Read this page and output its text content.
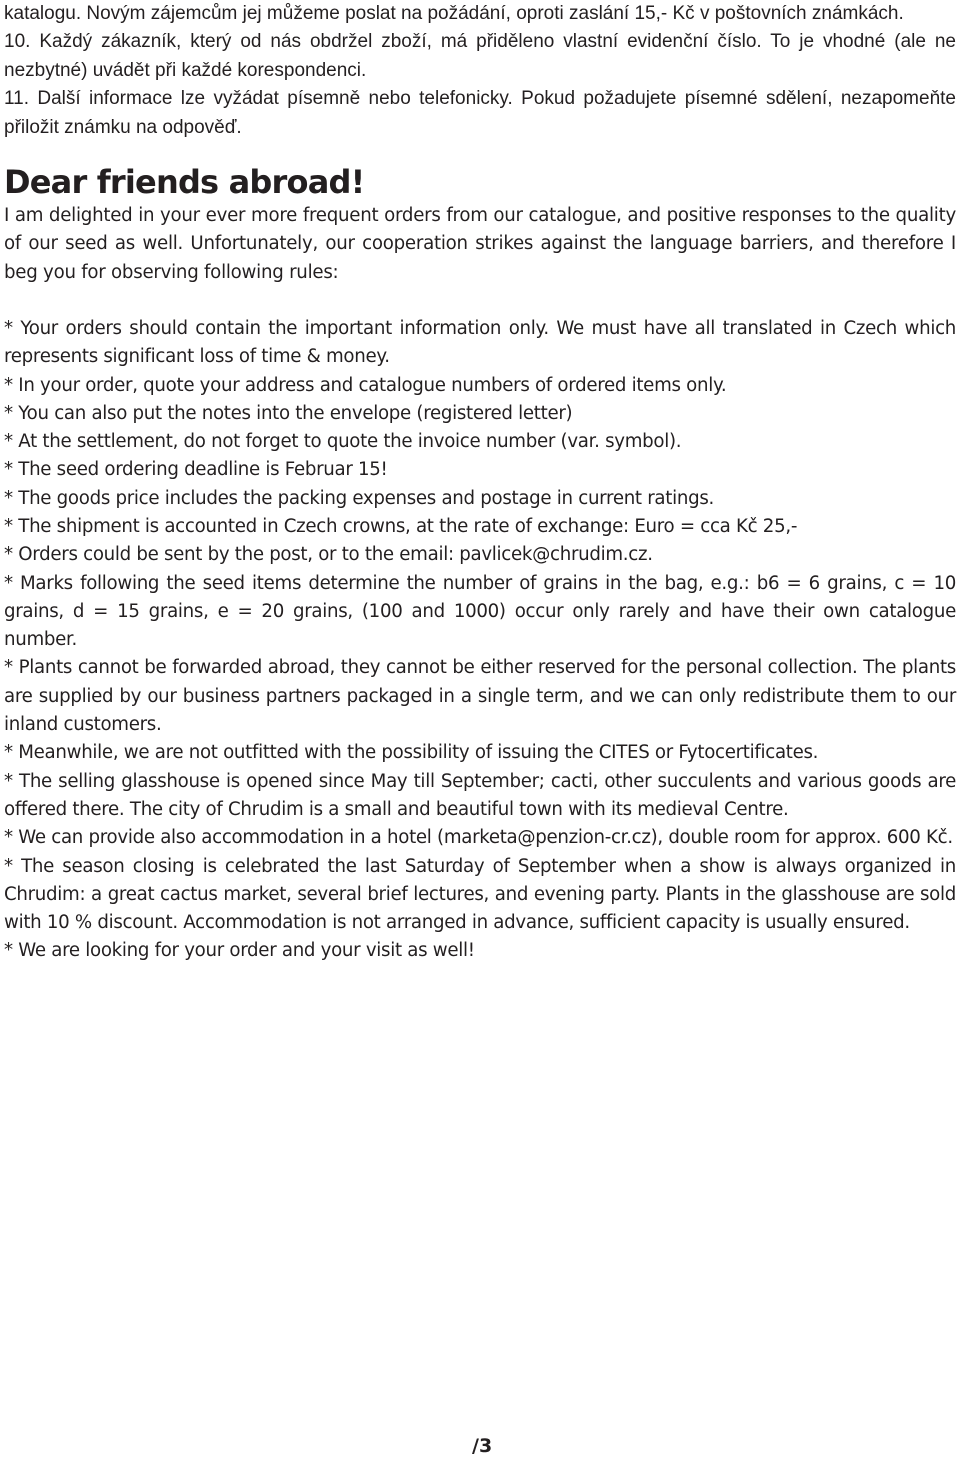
katalogu. Novým zájemcům jej můžeme poslat na požádání, oproti zaslání 15,- Kč v poštovních známkách.

10. Každý zákazník, který od nás obdržel zboží, má přiděleno vlastní evidenční číslo. To je vhodné (ale ne nezbytné) uvádět při každé korespondenci.

11. Další informace lze vyžádat písemně nebo telefonicky. Pokud požadujete písemné sdělení, nezapomeňte přiložit známku na odpověď.

Dear friends abroad!

I am delighted in your ever more frequent orders from our catalogue, and positive responses to the quality of our seed as well. Unfortunately, our cooperation strikes against the language barriers, and therefore I beg you for observing following rules:

* Your orders should contain the important information only. We must have all translated in Czech which represents significant loss of time & money.
* In your order, quote your address and catalogue numbers of ordered items only.
* You can also put the notes into the envelope (registered letter)
* At the settlement, do not forget to quote the invoice number (var. symbol).
* The seed ordering deadline is Februar 15!
* The goods price includes the packing expenses and postage in current ratings.
* The shipment is accounted in Czech crowns, at the rate of exchange: Euro = cca Kč 25,-
* Orders could be sent by the post, or to the email: pavlicek@chrudim.cz.
* Marks following the seed items determine the number of grains in the bag, e.g.: b6 = 6 grains, c = 10 grains, d = 15 grains, e = 20 grains, (100 and 1000) occur only rarely and have their own catalogue number.
* Plants cannot be forwarded abroad, they cannot be either reserved for the personal collection. The plants are supplied by our business partners packaged in a single term, and we can only redistribute them to our inland customers.
* Meanwhile, we are not outfitted with the possibility of issuing the CITES or Fytocertificates.
* The selling glasshouse is opened since May till September; cacti, other succulents and various goods are offered there. The city of Chrudim is a small and beautiful town with its medieval Centre.
* We can provide also accommodation in a hotel (marketa@penzion-cr.cz), double room for approx. 600 Kč.
* The season closing is celebrated the last Saturday of September when a show is always organized in Chrudim: a great cactus market, several brief lectures, and evening party. Plants in the glasshouse are sold with 10 % discount. Accommodation is not arranged in advance, sufficient capacity is usually ensured.
* We are looking for your order and your visit as well!
/3
